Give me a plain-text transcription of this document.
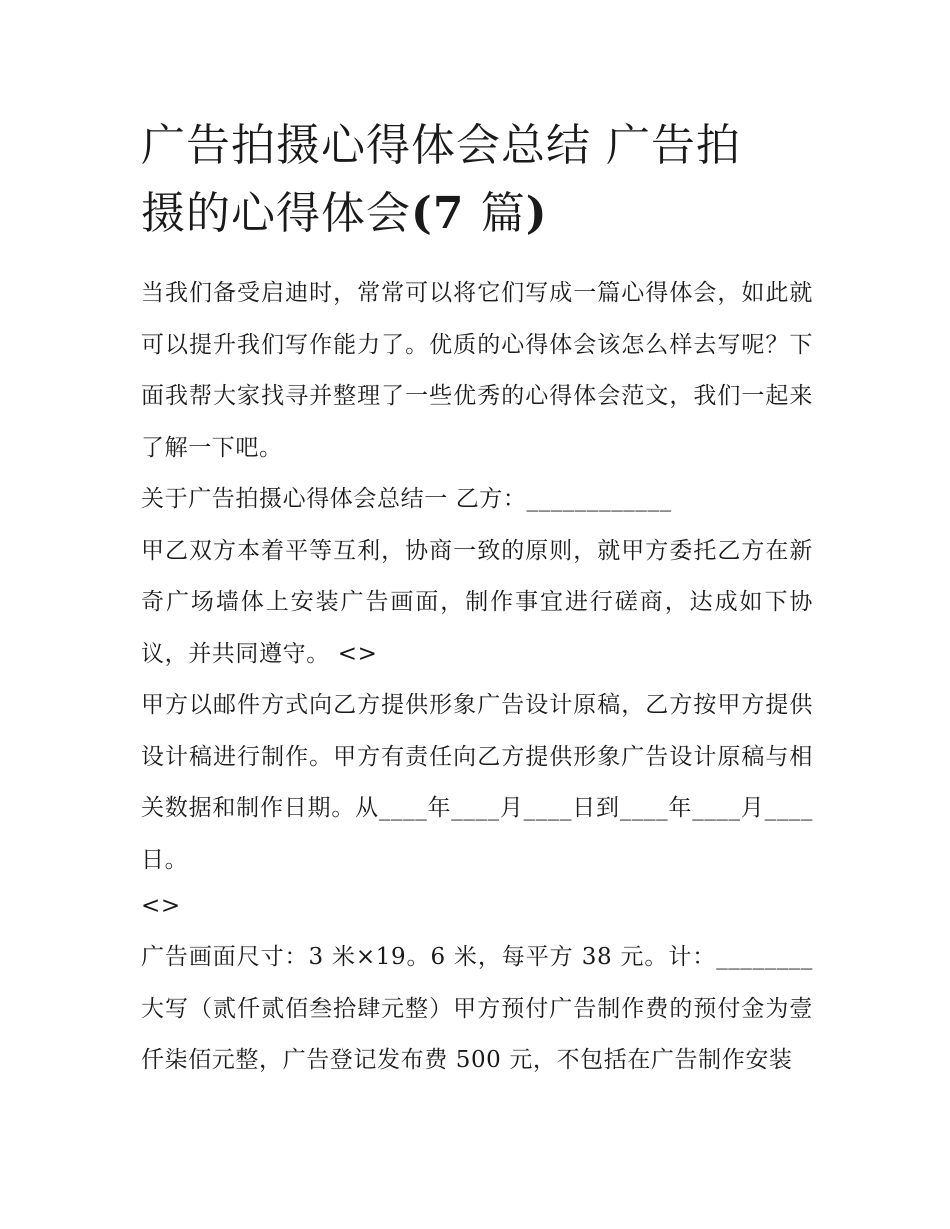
广告拍摄心得体会总结 广告拍
摄的心得体会(7 篇)

当我们备受启迪时，常常可以将它们写成一篇心得体会，如此就可以提升我们写作能力了。优质的心得体会该怎么样去写呢？下面我帮大家找寻并整理了一些优秀的心得体会范文，我们一起来了解一下吧。

关于广告拍摄心得体会总结一 乙方：____________

甲乙双方本着平等互利，协商一致的原则，就甲方委托乙方在新奇广场墙体上安装广告画面，制作事宜进行磋商，达成如下协议，并共同遵守。 <>

甲方以邮件方式向乙方提供形象广告设计原稿，乙方按甲方提供设计稿进行制作。甲方有责任向乙方提供形象广告设计原稿与相关数据和制作日期。从____年____月____日到____年____月____日。

<>

广告画面尺寸：3 米×19。6 米，每平方 38 元。计：________大写（贰仟贰佰叁拾肆元整）甲方预付广告制作费的预付金为壹仟柒佰元整，广告登记发布费 500 元，不包括在广告制作安装
